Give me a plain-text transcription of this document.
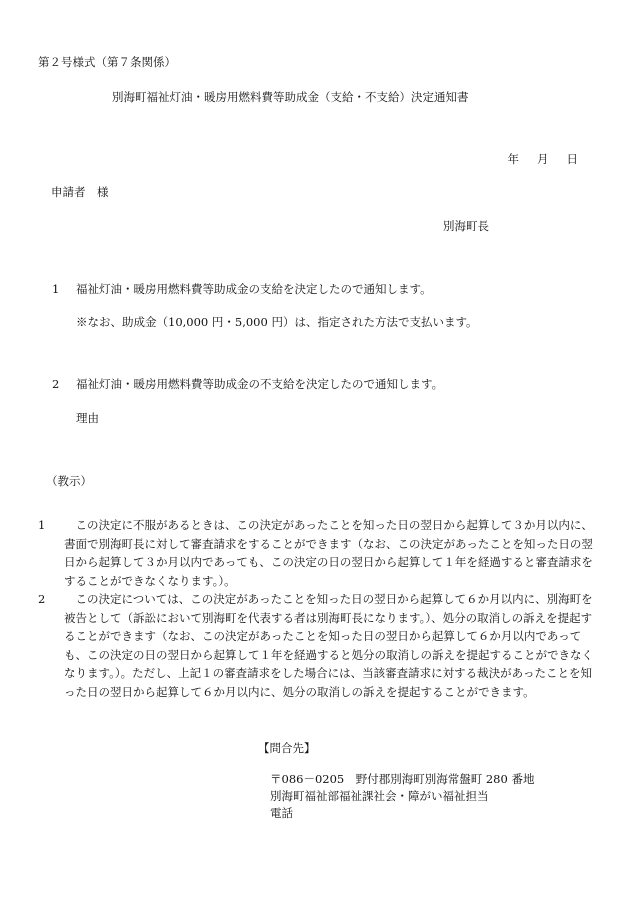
第２号様式（第７条関係）
別海町福祉灯油・暖房用燃料費等助成金（支給・不支給）決定通知書
年 月 日
申請者　様
別海町長
1 福祉灯油・暖房用燃料費等助成金の支給を決定したので通知します。
※なお、助成金（10,000 円・5,000 円）は、指定された方法で支払います。
2 福祉灯油・暖房用燃料費等助成金の不支給を決定したので通知します。
理由
（教示）
1	この決定に不服があるときは、この決定があったことを知った日の翌日から起算して３か月以内に、書面で別海町長に対して審査請求をすることができます（なお、この決定があったことを知った日の翌日から起算して３か月以内であっても、この決定の日の翌日から起算して１年を経過すると審査請求をすることができなくなります。）。
2	この決定については、この決定があったことを知った日の翌日から起算して６か月以内に、別海町を被告として（訴訟において別海町を代表する者は別海町長になります。）、処分の取消しの訴えを提起することができます（なお、この決定があったことを知った日の翌日から起算して６か月以内であっても、この決定の日の翌日から起算して１年を経過すると処分の取消しの訴えを提起することができなくなります。）。ただし、上記１の審査請求をした場合には、当該審査請求に対する裁決があったことを知った日の翌日から起算して６か月以内に、処分の取消しの訴えを提起することができます。
【問合先】
〒086－0205　野付郡別海町別海常盤町 280 番地
別海町福祉部福祉課社会・障がい福祉担当
電話
